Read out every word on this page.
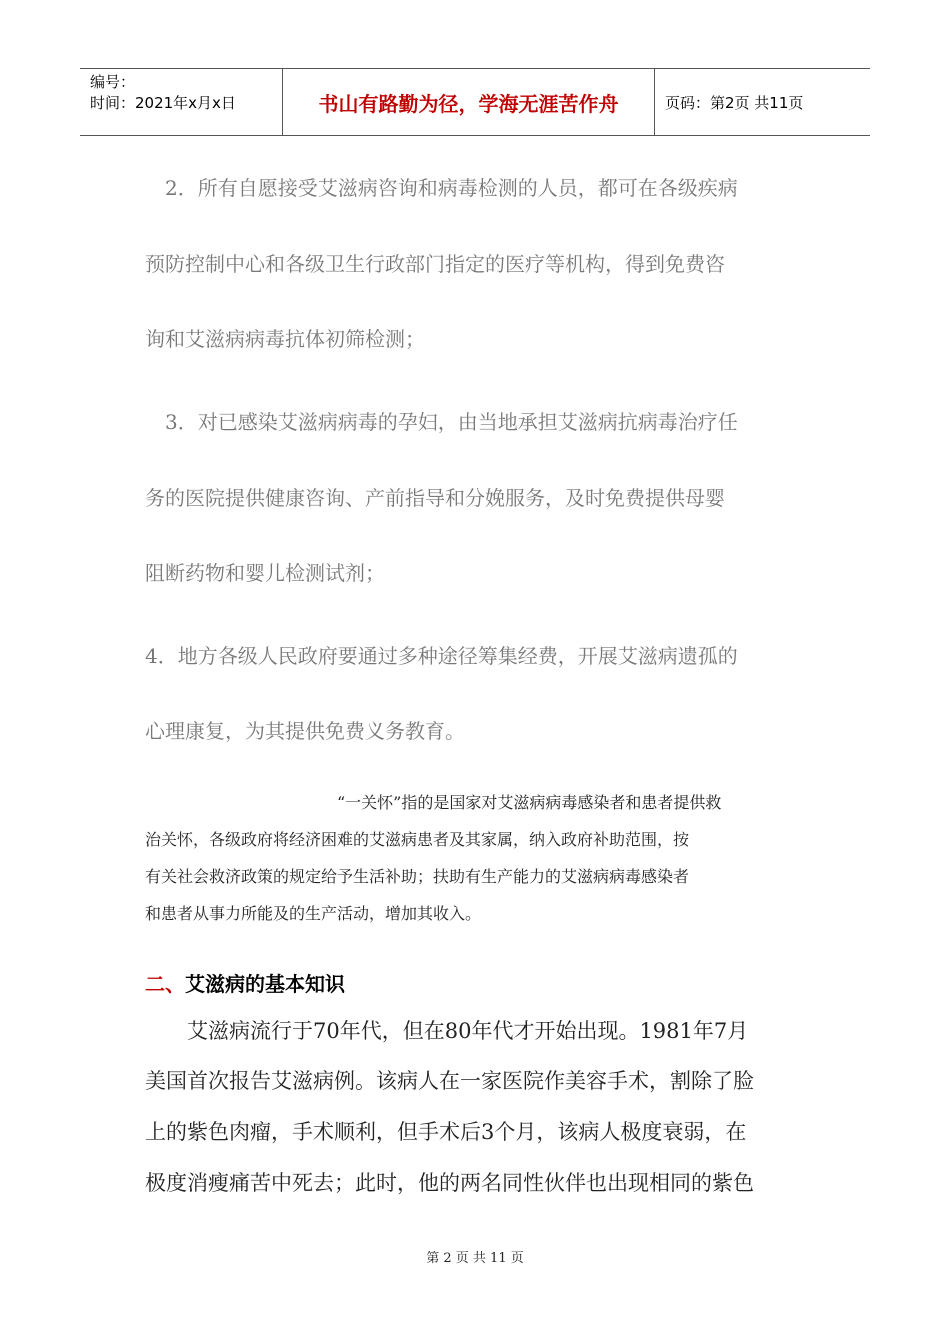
编号：
时间：2021年x月x日	书山有路勤为径，学海无涯苦作舟	页码：第2页 共11页
　2．所有自愿接受艾滋病咨询和病毒检测的人员，都可在各级疾病
预防控制中心和各级卫生行政部门指定的医疗等机构，得到免费咨
询和艾滋病病毒抗体初筛检测；
　3．对已感染艾滋病病毒的孕妇，由当地承担艾滋病抗病毒治疗任
务的医院提供健康咨询、产前指导和分娩服务，及时免费提供母婴
阻断药物和婴儿检测试剂；
4．地方各级人民政府要通过多种途径筹集经费，开展艾滋病遗孤的
心理康复，为其提供免费义务教育。
　　　　　　　　　　　　“一关怀”指的是国家对艾滋病病毒感染者和患者提供救
治关怀，各级政府将经济困难的艾滋病患者及其家属，纳入政府补助范围，按
有关社会救济政策的规定给予生活补助；扶助有生产能力的艾滋病病毒感染者
和患者从事力所能及的生产活动，增加其收入。
二、艾滋病的基本知识
　　艾滋病流行于70年代，但在80年代才开始出现。1981年7月
美国首次报告艾滋病例。该病人在一家医院作美容手术，割除了脸
上的紫色肉瘤，手术顺利，但手术后3个月，该病人极度衰弱，在
极度消瘦痛苦中死去；此时，他的两名同性伙伴也出现相同的紫色
第 2 页 共 11 页
